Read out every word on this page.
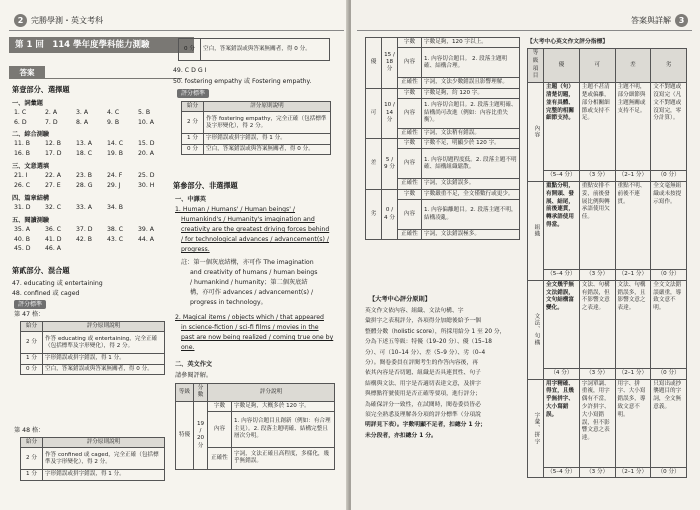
2 完勝學測・英文考科
第 1 回　114 學年度學科能力測驗
答案
第壹部分、選擇題
一、詞彙題
1. C	2. A	3. A	4. C	5. B
6. D	7. D	8. A	9. B	10. A
二、綜合測驗
11. B	12. B	13. A	14. C	15. D
16. B	17. D	18. C	19. B	20. A
三、文意選填
21. I	22. A	23. B	24. F	25. D
26. C	27. E	28. G	29. J	30. H
四、篇章結構
31. D	32. C	33. A	34. B
五、閱讀測驗
35. A	36. C	37. D	38. C	39. A
40. B	41. D	42. B	43. C	44. A
45. D	46. A
第貳部分、混合題
47. educating 或 entertaining
48. confined 或 caged
評分標準
第 47 格：
給分	評分原則說明
2 分	作答 educating 或 entertaining，完全正確（包括標準及字形變化），得 2 分。
1 分	字形錯誤或拼字錯誤，得 1 分。
0 分	空白，答案錯誤或與答案無關者，得 0 分。
第 48 格：
給分	評分原則說明
2 分	作答 confined 或 caged，完全正確（包括標準及字形變化），得 2 分。
1 分	字形錯誤或拼字錯誤，得 1 分。
0 分	空白，答案錯誤或與答案無關者，得 0 分。
49. C D G I
50. fostering empathy 或 Fostering empathy.
評分標準
給分	評分原則說明
2 分	作答 fostering empathy，完全正確（包括標準及字形變化），得 2 分。
1 分	字形錯誤或拼字錯誤，得 1 分。
0 分	空白，答案錯誤或與答案無關者，得 0 分。
第參部分、非選擇題
一、中譯英
1. Human / Humans' / Human beings' /
Humankind's / Humanity's imagination and
creativity are the greatest driving forces behind
/ for technological advances / advancement(s) /
progress.
註：第一個灰底結構，亦可作 The imagination
and creativity of humans / human beings
/ humankind / humanity；第二個灰底結
構，亦可作 advances / advancement(s) /
progress in technology。
2. Magical items / objects which / that appeared
in science-fiction / sci-fi films / movies in the
past are now being realized / coming true one by
one.
二、英文作文
請參閱評解。
等級	分數	評分說明	
特優	19 / 20 分	字數	字數足夠，大概多於 120 字。
		內容	1. 內容切合題目且創新（例如：有合理主見）。2. 段落主題明確、結構完整且層次分明。
		正確性	字詞，文法正確且高程度，多樣化，幾乎無錯誤。
答案與詳解 3
優	15 / 18 分	字數	字數足夠，120 字以上。
		內容	1. 內容切合題目。 2. 段落主題明確、結構合理。
		正確性	字詞，文法少數錯誤且影響理解。
可	10 / 14 分	字數	字數足夠，約 120 字。
		內容	1. 內容切合題目。2. 段落主題明確、結構尚可改進（例如：內容比重失衡）。
		正確性	字詞，文法稍有錯誤。
差	5 / 9 分	字數	字數不足，明顯少於 120 字。
		內容	1. 內容切題程度低。2. 段落主題不明確、結構組織鬆散。
		正確性	字詞，文法錯誤多。
劣	0 / 4 分	字數	字數嚴重不足，全文僅數行或更少。
		內容	1. 內容偏離題目。2. 段落主題不明，結構凌亂。
		正確性	字詞，文法錯誤極多。
【大考中心評分原則】
英文作文依內容、組織、文法句構、字
彙拼字之表現評分，各項得分加總後給予一個
整體分數（holistic score），所採用給分 1 至 20 分，
分為下述五等級：特優（19–20 分）、優（15–18
分）、可（10–14 分）、差（5–9 分）、劣（0–4
分）。閱卷委員在評閱考生的作答內容後，再
依其內容是否切題、組織是否具連貫性、句子
結構與文法、用字是否適切表達文意，及拼字
與標點符號使用是否正確等要項，進行評分；
為確保評分一致性，在試閱時，閱卷委員皆必
須完全熟悉及理解各分項的評分標準（分項說
明詳見下表）。字數明顯不足者，扣總分 1 分；
未分段者，亦扣總分 1 分。
【大考中心英文作文評分指標】
等級 項目	優	可	差	劣
內容	主題（句）清楚切題，並有具體、完整的相關細節支持。	主題不甚清楚或偏離，部分相關細節或支持不足。	主題不明，部分細節與主題無關或支持不足。	文不對題或沒寫完（凡文不對題或沒寫完，零分計算）。
	（5–4 分）	（3 分）	（2–1 分）	（0 分）
組織	重點分明，有開頭、發展、結尾，前後連貫，轉承語使用得當。	重點安排不妥，前後發展比例與轉承語使用欠佳。	重點不明、前後不連貫。	全文毫無組織或未按提示寫作。
	（5–4 分）	（3 分）	（2–1 分）	（0 分）
文法、句構	全文幾乎無文法錯誤，文句結構富變化。	文法、句構有錯誤，但不影響文意之表達。	文法、句構錯誤多，且影響文意之表達。	全文文法錯誤嚴重，導致文意不明。
	（4 分）	（3 分）	（2–1 分）	（0 分）
字彙、拼字	用字精確、得宜，且幾乎無拼字、大小寫錯誤。	字詞單調、重複，用字偶有不當，少許拼字、大小寫錯誤，但不影響文意之表達。	用字、拼字、大小寫錯誤多，導致文意不明。	只寫出或抄襲題目的字詞，全文無意義。
	（5–4 分）	（3 分）	（2–1 分）	（0 分）
